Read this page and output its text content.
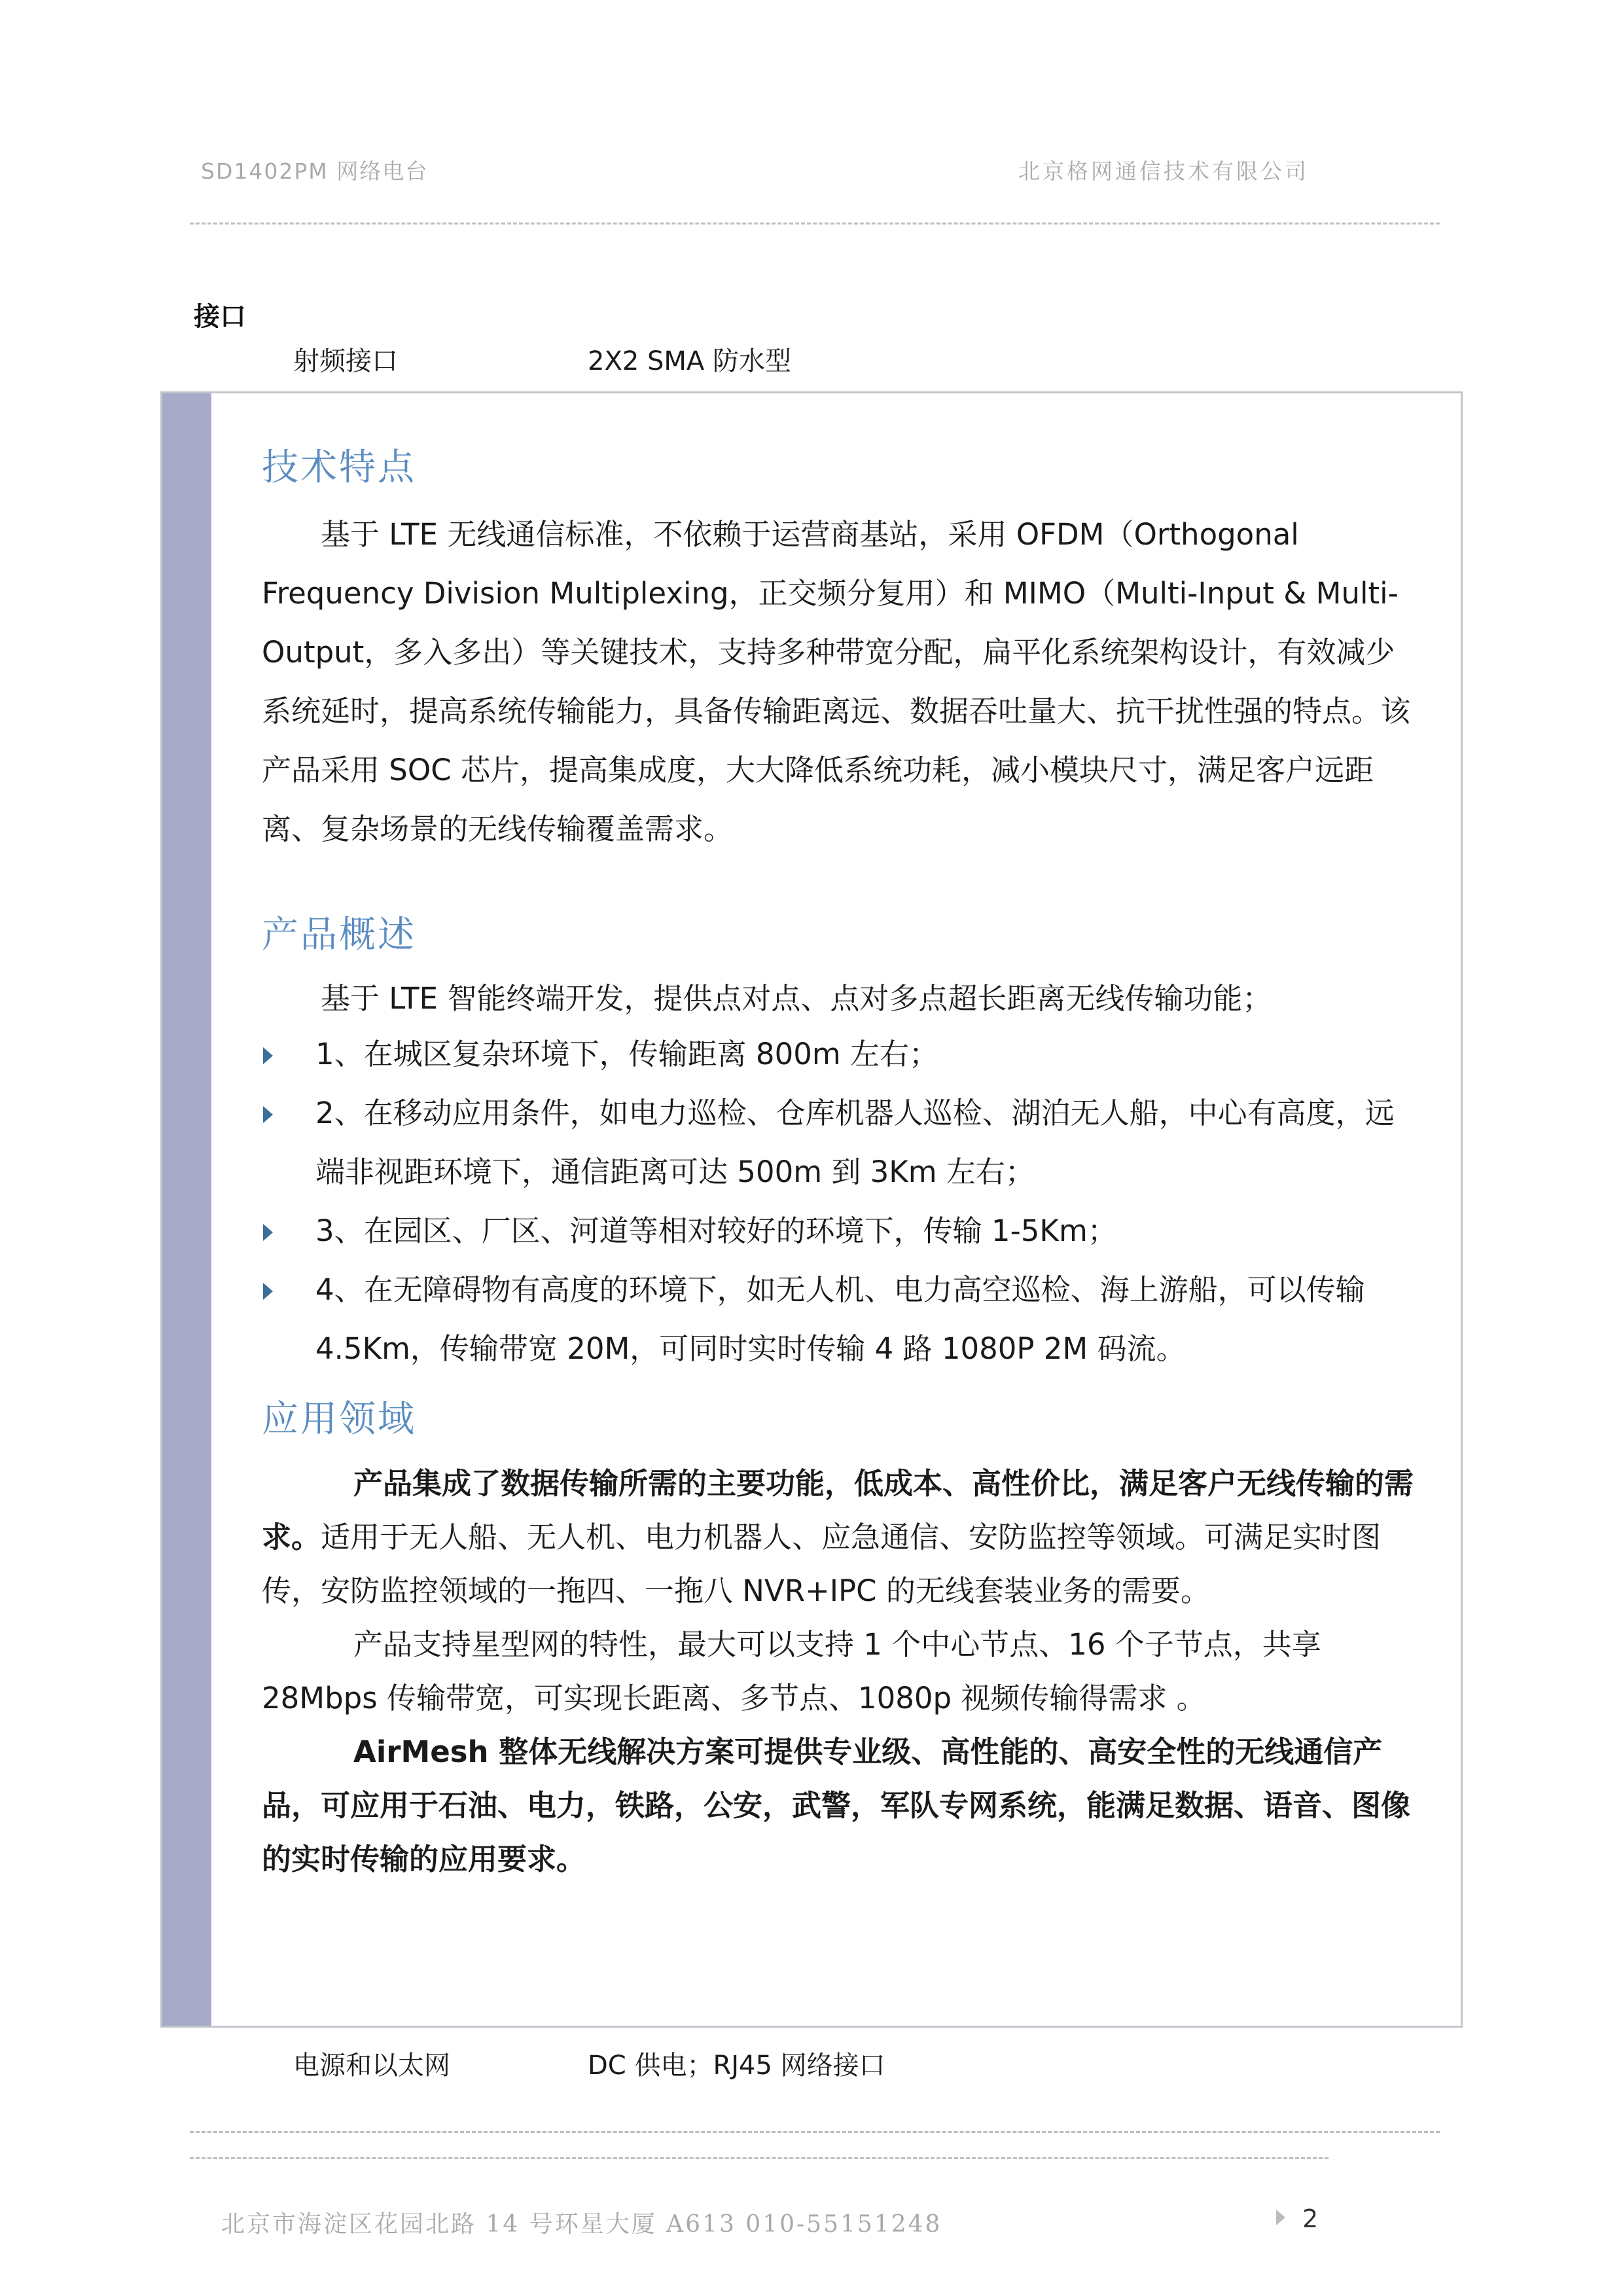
SD1402PM 网络电台	北京格网通信技术有限公司
接口
射频接口	2X2 SMA 防水型
技术特点

基于 LTE 无线通信标准，不依赖于运营商基站，采用 OFDM（Orthogonal Frequency Division Multiplexing，正交频分复用）和 MIMO（Multi-Input & Multi-Output，多入多出）等关键技术，支持多种带宽分配，扁平化系统架构设计，有效减少系统延时，提高系统传输能力，具备传输距离远、数据吞吐量大、抗干扰性强的特点。该产品采用 SOC 芯片，提高集成度，大大降低系统功耗，减小模块尺寸，满足客户远距离、复杂场景的无线传输覆盖需求。

产品概述

基于 LTE 智能终端开发，提供点对点、点对多点超长距离无线传输功能；

1、在城区复杂环境下，传输距离 800m 左右；
2、在移动应用条件，如电力巡检、仓库机器人巡检、湖泊无人船，中心有高度，远端非视距环境下，通信距离可达 500m 到 3Km 左右；
3、在园区、厂区、河道等相对较好的环境下，传输 1-5Km；
4、在无障碍物有高度的环境下，如无人机、电力高空巡检、海上游船，可以传输 4.5Km，传输带宽 20M，可同时实时传输 4 路 1080P 2M 码流。
应用领域

产品集成了数据传输所需的主要功能，低成本、高性价比，满足客户无线传输的需求。适用于无人船、无人机、电力机器人、应急通信、安防监控等领域。可满足实时图传，安防监控领域的一拖四、一拖八 NVR+IPC 的无线套装业务的需要。

产品支持星型网的特性，最大可以支持 1 个中心节点、16 个子节点，共享 28Mbps 传输带宽，可实现长距离、多节点、1080p 视频传输得需求 。

AirMesh 整体无线解决方案可提供专业级、高性能的、高安全性的无线通信产品，可应用于石油、电力，铁路，公安，武警，军队专网系统，能满足数据、语音、图像的实时传输的应用要求。

电源和以太网	DC 供电；RJ45 网络接口
北京市海淀区花园北路 14 号环星大厦 A613 010-55151248	2
